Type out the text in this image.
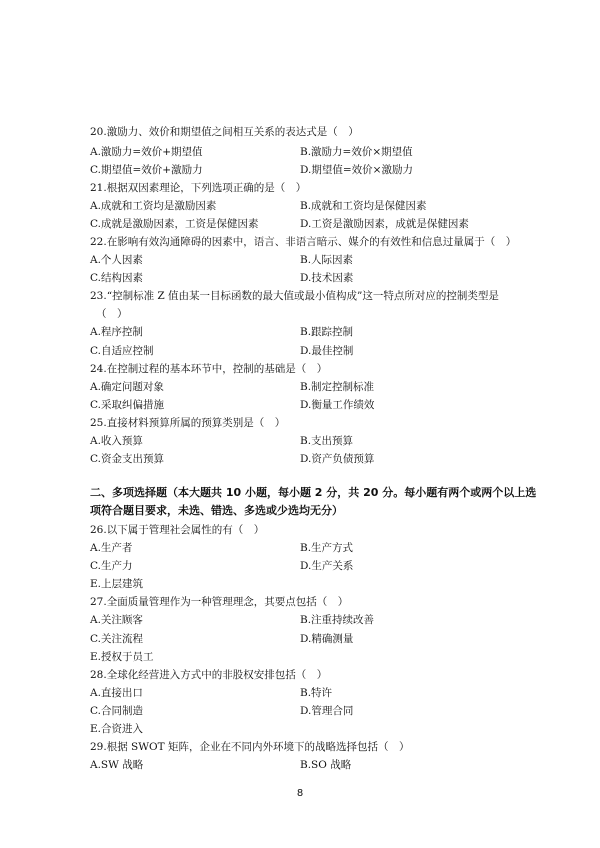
20.激励力、效价和期望值之间相互关系的表达式是（　）
A.激励力=效价+期望值	B.激励力=效价×期望值
C.期望值=效价+激励力	D.期望值=效价×激励力
21.根据双因素理论，下列选项正确的是（　）
A.成就和工资均是激励因素	B.成就和工资均是保健因素
C.成就是激励因素，工资是保健因素	D.工资是激励因素，成就是保健因素
22.在影响有效沟通障碍的因素中，语言、非语言暗示、媒介的有效性和信息过量属于（　）
A.个人因素	B.人际因素
C.结构因素	D.技术因素
23.“控制标准 Z 值由某一目标函数的最大值或最小值构成”这一特点所对应的控制类型是
（　）
A.程序控制	B.跟踪控制
C.自适应控制	D.最佳控制
24.在控制过程的基本环节中，控制的基础是（　）
A.确定问题对象	B.制定控制标准
C.采取纠偏措施	D.衡量工作绩效
25.直接材料预算所属的预算类别是（　）
A.收入预算	B.支出预算
C.资金支出预算	D.资产负债预算
二、多项选择题（本大题共 10 小题，每小题 2 分，共 20 分。每小题有两个或两个以上选
项符合题目要求，未选、错选、多选或少选均无分）
26.以下属于管理社会属性的有（　）
A.生产者	B.生产方式
C.生产力	D.生产关系
E.上层建筑
27.全面质量管理作为一种管理理念，其要点包括（　）
A.关注顾客	B.注重持续改善
C.关注流程	D.精确测量
E.授权于员工
28.全球化经营进入方式中的非股权安排包括（　）
A.直接出口	B.特许
C.合同制造	D.管理合同
E.合资进入
29.根据 SWOT 矩阵，企业在不同内外环境下的战略选择包括（　）
A.SW 战略	B.SO 战略
8
